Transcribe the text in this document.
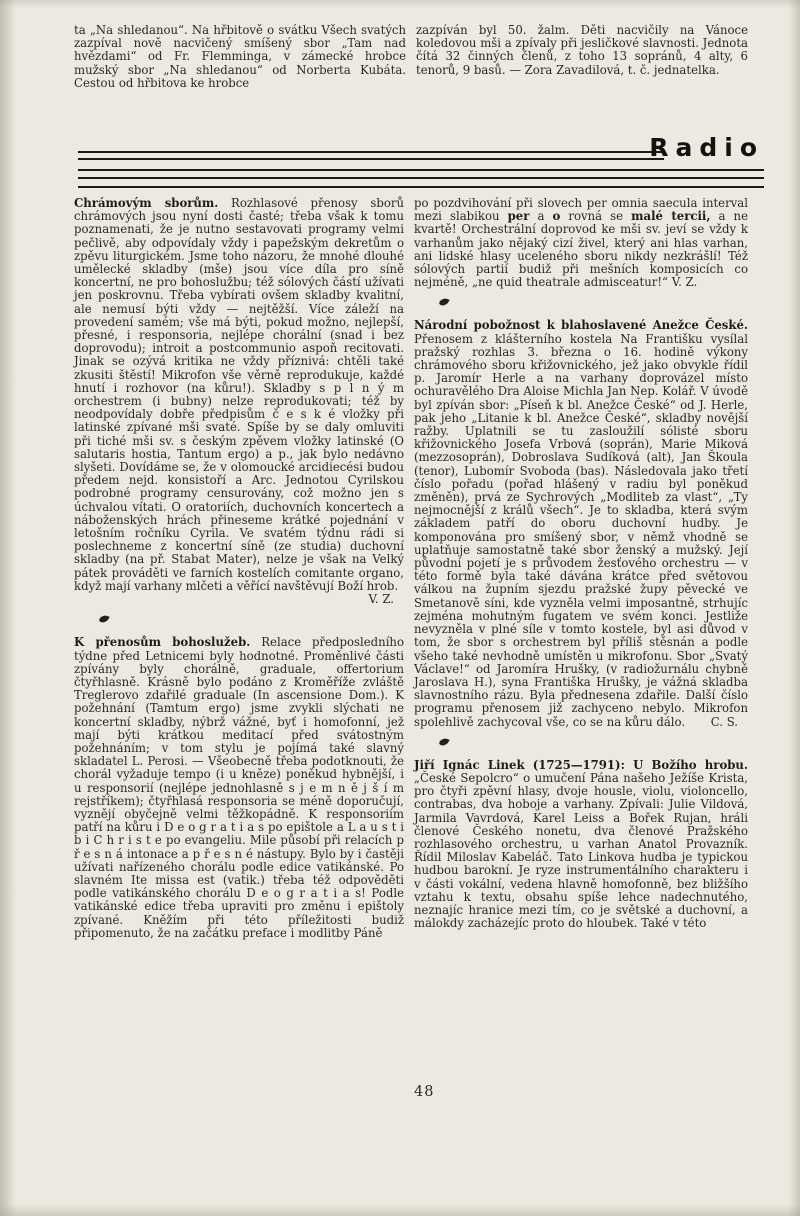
ta „Na shledanou“. Na hřbitově o svátku Všech svatých zazpíval nově nacvičený smíšený sbor „Tam nad hvězdami“ od Fr. Flemminga, v zámecké hrobce mužský sbor „Na shledanou“ od Norberta Kubáta. Cestou od hřbitova ke hrobce

zazpíván byl 50. žalm. Děti nacvičily na Vánoce koledovou mši a zpívaly při jesličkové slavnosti. Jednota čítá 32 činných členů, z toho 13 sopránů, 4 alty, 6 tenorů, 9 basů. — Zora Zavadilová, t. č. jednatelka.

Radio

Chrámovým sborům. Rozhlasové přenosy sborů chrámových jsou nyní dosti časté; třeba však k tomu poznamenati, že je nutno sestavovati programy velmi pečlivě, aby odpovídaly vždy i papežským dekretům o zpěvu liturgickém. Jsme toho názoru, že mnohé dlouhé umělecké skladby (mše) jsou více díla pro síně koncertní, ne pro bohoslužbu; též sólových částí užívati jen poskrovnu. Třeba vybírati ovšem skladby kvalitní, ale nemusí býti vždy — nejtěžší. Více záleží na provedení samém; vše má býti, pokud možno, nejlepší, přesné, i responsoria, nejlépe chorální (snad i bez doprovodu); introit a postcommunio aspoň recitovati. Jinak se ozývá kritika ne vždy příznivá: chtěli také zkusiti štěstí! Mikrofon vše věrně reprodukuje, každé hnutí i rozhovor (na kůru!). Skladby s p l n ý m orchestrem (i bubny) nelze reprodukovati; též by neodpovídaly dobře předpisům č e s k é vložky při latinské zpívané mši svaté. Spíše by se daly omluviti při tiché mši sv. s českým zpěvem vložky latinské (O salutaris hostia, Tantum ergo) a p., jak bylo nedávno slyšeti. Dovídáme se, že v olomoucké arcidiecési budou předem nejd. konsistoří a Arc. Jednotou Cyrilskou podrobné programy censurovány, což možno jen s úchvalou vítati. O oratoriích, duchovních koncertech a náboženských hrách přineseme krátké pojednání v letošním ročníku Cyrila. Ve svatém týdnu rádi si poslechneme z koncertní síně (ze studia) duchovní skladby (na př. Stabat Mater), nelze je však na Velký pátek prováděti ve farních kostelích comitante organo, když mají varhany mlčeti a věřící navštěvují Boží hrob.
V. Z.

K přenosům bohoslužeb. Relace předposledního týdne před Letnicemi byly hodnotné. Proměnlivé části zpívány byly chorálně, graduale, offertorium čtyřhlasně. Krásně bylo podáno z Kroměříže zvláště Treglerovo zdařilé graduale (In ascensione Dom.). K požehnání (Tamtum ergo) jsme zvykli slýchati ne koncertní skladby, nýbrž vážné, byť i homofonní, jež mají býti krátkou meditací před svátostným požehnáním; v tom stylu je pojímá také slavný skladatel L. Perosi. — Všeobecně třeba podotknouti, že chorál vyžaduje tempo (i u kněze) poněkud hybnější, i u responsorií (nejlépe jednohlasně s j e m n ě j š í m rejstříkem); čtyřhlasá responsoria se méně doporučují, vyznějí obyčejně velmi těžkopádně. K responsoriím patří na kůru i D e o g r a t i a s po epištole a L a u s t i b i C h r i s t e po evangeliu. Mile působí při relacích p ř e s n á intonace a p ř e s n é nástupy. Bylo by i častěji užívati nařízeného chorálu podle edice vatikánské. Po slavném Ite missa est (vatik.) třeba též odpověděti podle vatikánského chorálu D e o g r a t i a s! Podle vatikánské edice třeba upraviti pro změnu i epištoly zpívané. Kněžím při této příležitosti budiž připomenuto, že na začátku preface i modlitby Páně

po pozdvihování při slovech per omnia saecula interval mezi slabikou per a o rovná se malé tercii, a ne kvartě! Orchestrální doprovod ke mši sv. jeví se vždy k varhanům jako nějaký cizí živel, který ani hlas varhan, ani lidské hlasy uceleného sboru nikdy nezkrášlí! Též sólových partií budiž při mešních komposicích co nejméně, „ne quid theatrale admisceatur!“ V. Z.

Národní pobožnost k blahoslavené Anežce České. Přenosem z klášterního kostela Na Františku vysílal pražský rozhlas 3. března o 16. hodině výkony chrámového sboru křižovnického, jež jako obvykle řídil p. Jaromír Herle a na varhany doprovázel místo ochuravělého Dra Aloise Michla Jan Nep. Kolář. V úvodě byl zpíván sbor: „Píseň k bl. Anežce České“ od J. Herle, pak jeho „Litanie k bl. Anežce České“, skladby novější ražby. Uplatnili se tu zasloužilí sólisté sboru křižovnického Josefa Vrbová (soprán), Marie Miková (mezzosoprán), Dobroslava Sudíková (alt), Jan Škoula (tenor), Lubomír Svoboda (bas). Následovala jako třetí číslo pořadu (pořad hlášený v radiu byl poněkud změněn), prvá ze Sychrových „Modliteb za vlast“, „Ty nejmocnější z králů všech“. Je to skladba, která svým základem patří do oboru duchovní hudby. Je komponována pro smíšený sbor, v němž vhodně se uplatňuje samostatně také sbor ženský a mužský. Její původní pojetí je s průvodem žesťového orchestru — v této formě byla také dávána krátce před světovou válkou na župním sjezdu pražské župy pěvecké ve Smetanově síni, kde vyzněla velmi imposantně, strhujíc zejména mohutným fugatem ve svém konci. Jestliže nevyzněla v plné síle v tomto kostele, byl asi důvod v tom, že sbor s orchestrem byl příliš stěsnán a podle všeho také nevhodně umístěn u mikrofonu. Sbor „Svatý Václave!“ od Jaromíra Hrušky, (v radiožurnálu chybně Jaroslava H.), syna Františka Hrušky, je vážná skladba slavnostního rázu. Byla přednesena zdařile. Další číslo programu přenosem již zachyceno nebylo. Mikrofon spolehlivě zachycoval vše, co se na kůru dálo. C. S.

Jiří Ignác Linek (1725—1791): U Božího hrobu. „České Sepolcro“ o umučení Pána našeho Ježíše Krista, pro čtyři zpěvní hlasy, dvoje housle, violu, violoncello, contrabas, dva hoboje a varhany. Zpívali: Julie Vildová, Jarmila Vavrdová, Karel Leiss a Bořek Rujan, hráli členové Českého nonetu, dva členové Pražského rozhlasového orchestru, u varhan Anatol Provazník. Řídil Miloslav Kabeláč. Tato Linkova hudba je typickou hudbou barokní. Je ryze instrumentálního charakteru i v části vokální, vedena hlavně homofonně, bez bližšího vztahu k textu, obsahu spíše lehce nadechnutého, neznajíc hranice mezi tím, co je světské a duchovní, a málokdy zacházejíc proto do hloubek. Také v této

48
